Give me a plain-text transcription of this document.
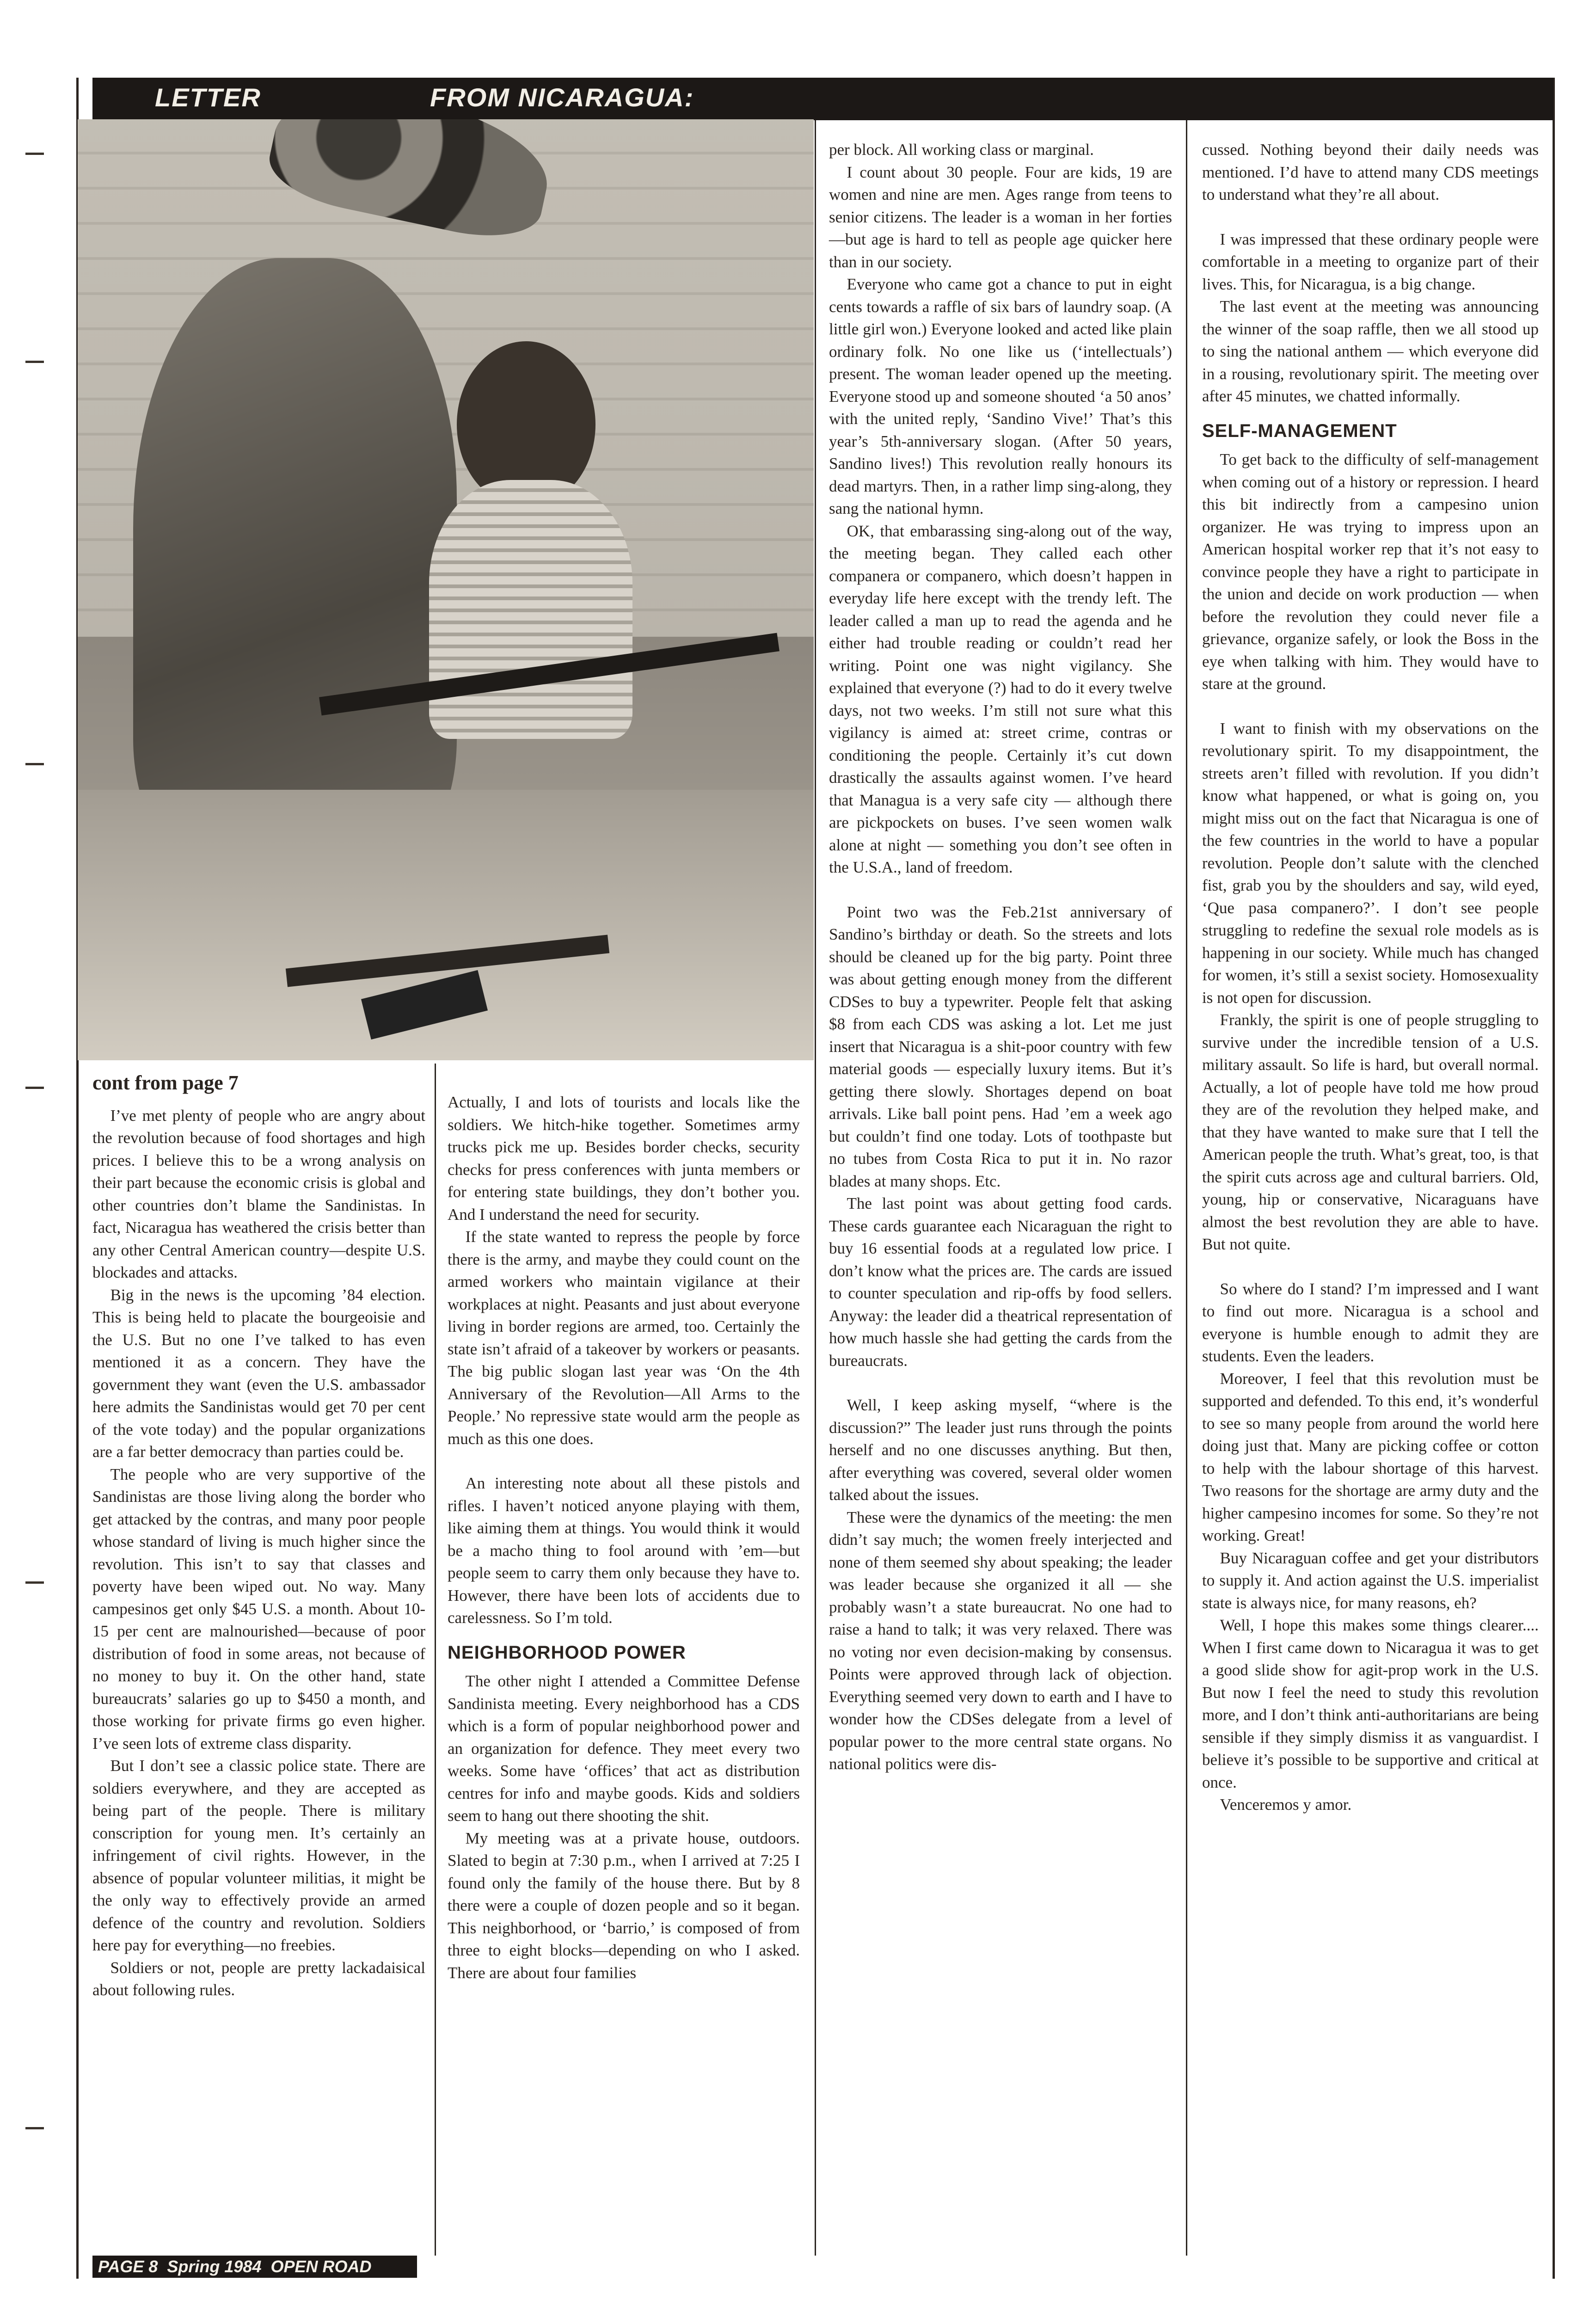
LETTER	FROM NICARAGUA:

cont from page 7

I’ve met plenty of people who are angry about the revolution because of food shortages and high prices. I believe this to be a wrong analysis on their part because the economic crisis is global and other countries don’t blame the Sandinistas. In fact, Nicaragua has weathered the crisis better than any other Central American country—despite U.S. blockades and attacks.

Big in the news is the upcoming ’84 election. This is being held to placate the bourgeoisie and the U.S. But no one I’ve talked to has even mentioned it as a concern. They have the government they want (even the U.S. ambassador here admits the Sandinistas would get 70 per cent of the vote today) and the popular organizations are a far better democracy than parties could be.

The people who are very supportive of the Sandinistas are those living along the border who get attacked by the contras, and many poor people whose standard of living is much higher since the revolution. This isn’t to say that classes and poverty have been wiped out. No way. Many campesinos get only $45 U.S. a month. About 10-15 per cent are malnourished—because of poor distribution of food in some areas, not because of no money to buy it. On the other hand, state bureaucrats’ salaries go up to $450 a month, and those working for private firms go even higher. I’ve seen lots of extreme class disparity.

But I don’t see a classic police state. There are soldiers everywhere, and they are accepted as being part of the people. There is military conscription for young men. It’s certainly an infringement of civil rights. However, in the absence of popular volunteer militias, it might be the only way to effectively provide an armed defence of the country and revolution. Soldiers here pay for everything—no freebies.

Soldiers or not, people are pretty lackadaisical about following rules.

Actually, I and lots of tourists and locals like the soldiers. We hitch-hike together. Sometimes army trucks pick me up. Besides border checks, security checks for press conferences with junta members or for entering state buildings, they don’t bother you. And I understand the need for security.

If the state wanted to repress the people by force there is the army, and maybe they could count on the armed workers who maintain vigilance at their workplaces at night. Peasants and just about everyone living in border regions are armed, too. Certainly the state isn’t afraid of a takeover by workers or peasants. The big public slogan last year was ‘On the 4th Anniversary of the Revolution—All Arms to the People.’ No repressive state would arm the people as much as this one does.

An interesting note about all these pistols and rifles. I haven’t noticed anyone playing with them, like aiming them at things. You would think it would be a macho thing to fool around with ’em—but people seem to carry them only because they have to. However, there have been lots of accidents due to carelessness. So I’m told.

NEIGHBORHOOD POWER

The other night I attended a Committee Defense Sandinista meeting. Every neighborhood has a CDS which is a form of popular neighborhood power and an organization for defence. They meet every two weeks. Some have ‘offices’ that act as distribution centres for info and maybe goods. Kids and soldiers seem to hang out there shooting the shit.

My meeting was at a private house, outdoors. Slated to begin at 7:30 p.m., when I arrived at 7:25 I found only the family of the house there. But by 8 there were a couple of dozen people and so it began. This neighborhood, or ‘barrio,’ is composed of from three to eight blocks—depending on who I asked. There are about four families

per block. All working class or marginal.

I count about 30 people. Four are kids, 19 are women and nine are men. Ages range from teens to senior citizens. The leader is a woman in her forties—but age is hard to tell as people age quicker here than in our society.

Everyone who came got a chance to put in eight cents towards a raffle of six bars of laundry soap. (A little girl won.) Everyone looked and acted like plain ordinary folk. No one like us (‘intellectuals’) present. The woman leader opened up the meeting. Everyone stood up and someone shouted ‘a 50 anos’ with the united reply, ‘Sandino Vive!’ That’s this year’s 5th-anniversary slogan. (After 50 years, Sandino lives!) This revolution really honours its dead martyrs. Then, in a rather limp sing-along, they sang the national hymn.

OK, that embarassing sing-along out of the way, the meeting began. They called each other companera or companero, which doesn’t happen in everyday life here except with the trendy left. The leader called a man up to read the agenda and he either had trouble reading or couldn’t read her writing. Point one was night vigilancy. She explained that everyone (?) had to do it every twelve days, not two weeks. I’m still not sure what this vigilancy is aimed at: street crime, contras or conditioning the people. Certainly it’s cut down drastically the assaults against women. I’ve heard that Managua is a very safe city — although there are pickpockets on buses. I’ve seen women walk alone at night — something you don’t see often in the U.S.A., land of freedom.

Point two was the Feb.21st anniversary of Sandino’s birthday or death. So the streets and lots should be cleaned up for the big party. Point three was about getting enough money from the different CDSes to buy a typewriter. People felt that asking $8 from each CDS was asking a lot. Let me just insert that Nicaragua is a shit-poor country with few material goods — especially luxury items. But it’s getting there slowly. Shortages depend on boat arrivals. Like ball point pens. Had ’em a week ago but couldn’t find one today. Lots of toothpaste but no tubes from Costa Rica to put it in. No razor blades at many shops. Etc.

The last point was about getting food cards. These cards guarantee each Nicaraguan the right to buy 16 essential foods at a regulated low price. I don’t know what the prices are. The cards are issued to counter speculation and rip-offs by food sellers. Anyway: the leader did a theatrical representation of how much hassle she had getting the cards from the bureaucrats.

Well, I keep asking myself, “where is the discussion?” The leader just runs through the points herself and no one discusses anything. But then, after everything was covered, several older women talked about the issues.

These were the dynamics of the meeting: the men didn’t say much; the women freely interjected and none of them seemed shy about speaking; the leader was leader because she organized it all — she probably wasn’t a state bureaucrat. No one had to raise a hand to talk; it was very relaxed. There was no voting nor even decision-making by consensus. Points were approved through lack of objection. Everything seemed very down to earth and I have to wonder how the CDSes delegate from a level of popular power to the more central state organs. No national politics were dis-

cussed. Nothing beyond their daily needs was mentioned. I’d have to attend many CDS meetings to understand what they’re all about.

I was impressed that these ordinary people were comfortable in a meeting to organize part of their lives. This, for Nicaragua, is a big change.

The last event at the meeting was announcing the winner of the soap raffle, then we all stood up to sing the national anthem — which everyone did in a rousing, revolutionary spirit. The meeting over after 45 minutes, we chatted informally.

SELF-MANAGEMENT

To get back to the difficulty of self-management when coming out of a history or repression. I heard this bit indirectly from a campesino union organizer. He was trying to impress upon an American hospital worker rep that it’s not easy to convince people they have a right to participate in the union and decide on work production — when before the revolution they could never file a grievance, organize safely, or look the Boss in the eye when talking with him. They would have to stare at the ground.

I want to finish with my observations on the revolutionary spirit. To my disappointment, the streets aren’t filled with revolution. If you didn’t know what happened, or what is going on, you might miss out on the fact that Nicaragua is one of the few countries in the world to have a popular revolution. People don’t salute with the clenched fist, grab you by the shoulders and say, wild eyed, ‘Que pasa companero?’. I don’t see people struggling to redefine the sexual role models as is happening in our society. While much has changed for women, it’s still a sexist society. Homosexuality is not open for discussion.

Frankly, the spirit is one of people struggling to survive under the incredible tension of a U.S. military assault. So life is hard, but overall normal. Actually, a lot of people have told me how proud they are of the revolution they helped make, and that they have wanted to make sure that I tell the American people the truth. What’s great, too, is that the spirit cuts across age and cultural barriers. Old, young, hip or conservative, Nicaraguans have almost the best revolution they are able to have. But not quite.

So where do I stand? I’m impressed and I want to find out more. Nicaragua is a school and everyone is humble enough to admit they are students. Even the leaders.

Moreover, I feel that this revolution must be supported and defended. To this end, it’s wonderful to see so many people from around the world here doing just that. Many are picking coffee or cotton to help with the labour shortage of this harvest. Two reasons for the shortage are army duty and the higher campesino incomes for some. So they’re not working. Great!

Buy Nicaraguan coffee and get your distributors to supply it. And action against the U.S. imperialist state is always nice, for many reasons, eh?

Well, I hope this makes some things clearer.... When I first came down to Nicaragua it was to get a good slide show for agit-prop work in the U.S. But now I feel the need to study this revolution more, and I don’t think anti-authoritarians are being sensible if they simply dismiss it as vanguardist. I believe it’s possible to be supportive and critical at once.

Venceremos y amor.

PAGE 8 Spring 1984 OPEN ROAD
